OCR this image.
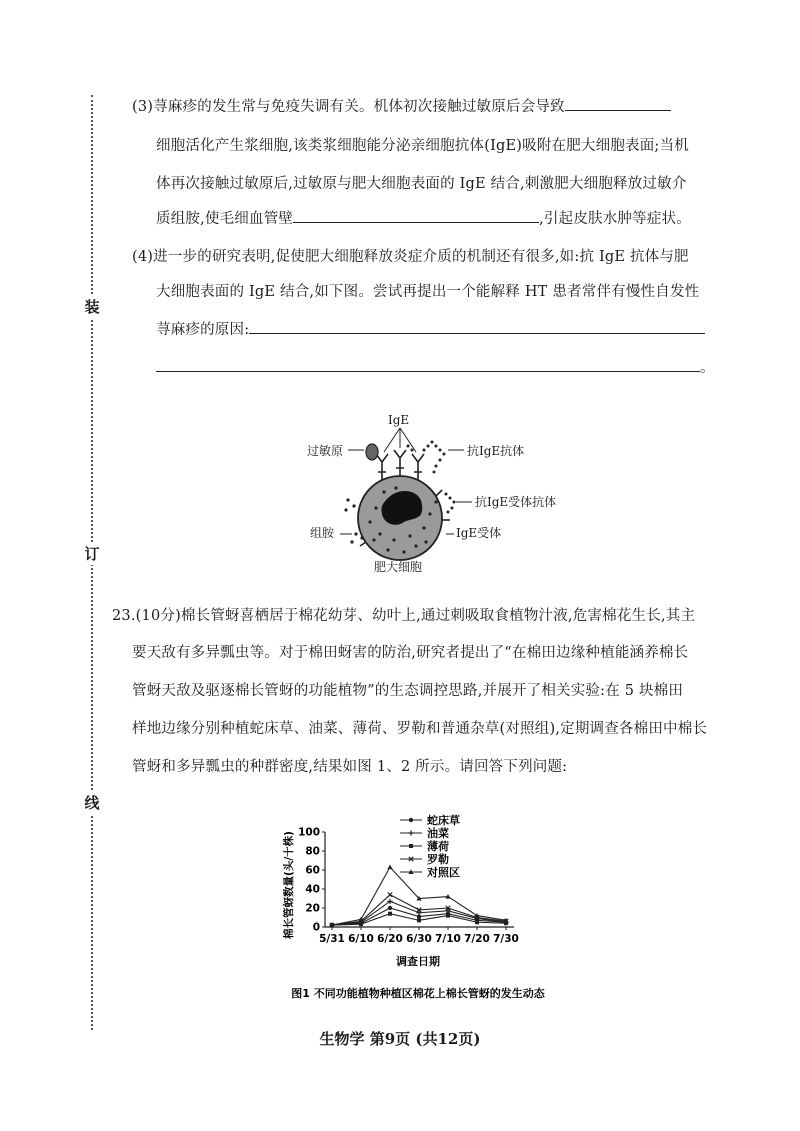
装
订
线
(3)荨麻疹的发生常与免疫失调有关。机体初次接触过敏原后会导致
细胞活化产生浆细胞,该类浆细胞能分泌亲细胞抗体(IgE)吸附在肥大细胞表面;当机
体再次接触过敏原后,过敏原与肥大细胞表面的 IgE 结合,刺激肥大细胞释放过敏介
质组胺,使毛细血管壁	,引起皮肤水肿等症状。
(4)进一步的研究表明,促使肥大细胞释放炎症介质的机制还有很多,如:抗 IgE 抗体与肥
大细胞表面的 IgE 结合,如下图。尝试再提出一个能解释 HT 患者常伴有慢性自发性
荨麻疹的原因:
。
IgE
过敏原	抗IgE抗体
抗IgE受体抗体
组胺	IgE受体
肥大细胞
23.(10分)棉长管蚜喜栖居于棉花幼芽、幼叶上,通过刺吸取食植物汁液,危害棉花生长,其主
要天敌有多异瓢虫等。对于棉田蚜害的防治,研究者提出了“在棉田边缘种植能涵养棉长
管蚜天敌及驱逐棉长管蚜的功能植物”的生态调控思路,并展开了相关实验:在 5 块棉田
样地边缘分别种植蛇床草、油菜、薄荷、罗勒和普通杂草(对照组),定期调查各棉田中棉长
管蚜和多异瓢虫的种群密度,结果如图 1、2 所示。请回答下列问题:
棉长管蚜数量(头/十株) 0
20
40
60
80
100
5/31 6/10 6/20 6/30 7/10 7/20 7/30
蛇床草
油菜
薄荷
罗勒
对照区
调查日期
图1 不同功能植物种植区棉花上棉长管蚜的发生动态
生物学 第9页 (共12页)
